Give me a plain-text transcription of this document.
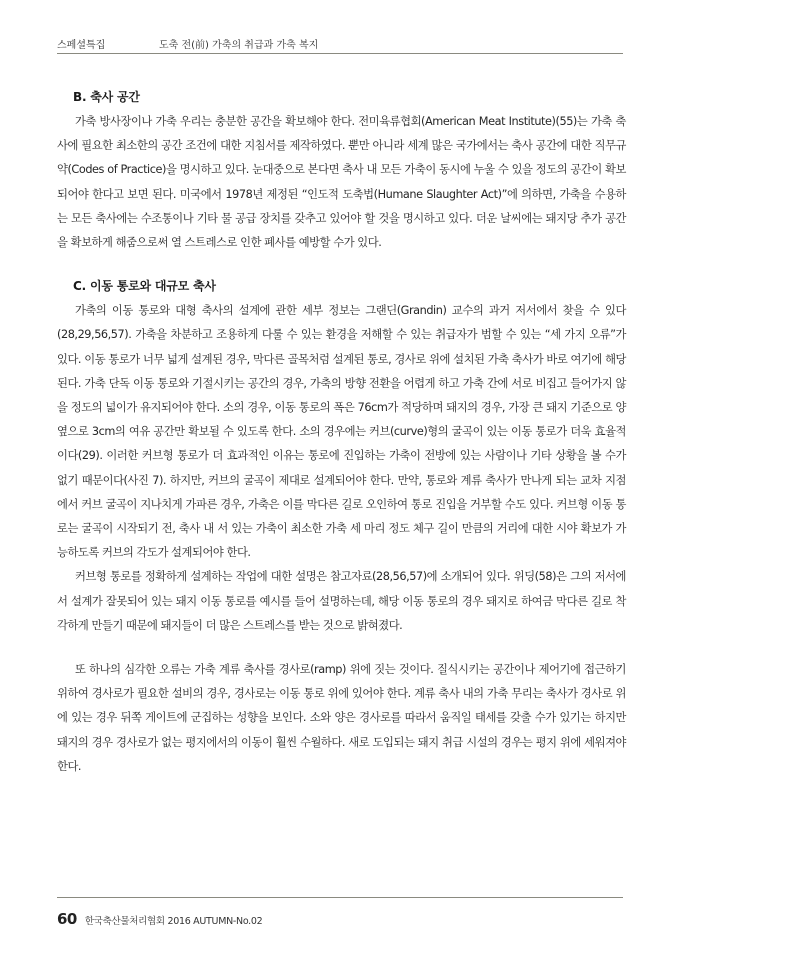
스페셜특집	도축 전(前) 가축의 취급과 가축 복지
B. 축사 공간

가축 방사장이나 가축 우리는 충분한 공간을 확보해야 한다. 전미육류협회(American Meat Institute)(55)는 가축 축사에 필요한 최소한의 공간 조건에 대한 지침서를 제작하였다. 뿐만 아니라 세계 많은 국가에서는 축사 공간에 대한 직무규약(Codes of Practice)을 명시하고 있다. 눈대중으로 본다면 축사 내 모든 가축이 동시에 누울 수 있을 정도의 공간이 확보되어야 한다고 보면 된다. 미국에서 1978년 제정된 “인도적 도축법(Humane Slaughter Act)”에 의하면, 가축을 수용하는 모든 축사에는 수조통이나 기타 물 공급 장치를 갖추고 있어야 할 것을 명시하고 있다. 더운 날씨에는 돼지당 추가 공간을 확보하게 해줌으로써 열 스트레스로 인한 폐사를 예방할 수가 있다.

C. 이동 통로와 대규모 축사

가축의 이동 통로와 대형 축사의 설계에 관한 세부 정보는 그랜딘(Grandin) 교수의 과거 저서에서 찾을 수 있다(28,29,56,57). 가축을 차분하고 조용하게 다룰 수 있는 환경을 저해할 수 있는 취급자가 범할 수 있는 “세 가지 오류”가 있다. 이동 통로가 너무 넓게 설계된 경우, 막다른 골목처럼 설계된 통로, 경사로 위에 설치된 가축 축사가 바로 여기에 해당된다. 가축 단독 이동 통로와 기절시키는 공간의 경우, 가축의 방향 전환을 어렵게 하고 가축 간에 서로 비집고 들어가지 않을 정도의 넓이가 유지되어야 한다. 소의 경우, 이동 통로의 폭은 76cm가 적당하며 돼지의 경우, 가장 큰 돼지 기준으로 양 옆으로 3cm의 여유 공간만 확보될 수 있도록 한다. 소의 경우에는 커브(curve)형의 굴곡이 있는 이동 통로가 더욱 효율적이다(29). 이러한 커브형 통로가 더 효과적인 이유는 통로에 진입하는 가축이 전방에 있는 사람이나 기타 상황을 볼 수가 없기 때문이다(사진 7). 하지만, 커브의 굴곡이 제대로 설계되어야 한다. 만약, 통로와 계류 축사가 만나게 되는 교차 지점에서 커브 굴곡이 지나치게 가파른 경우, 가축은 이를 막다른 길로 오인하여 통로 진입을 거부할 수도 있다. 커브형 이동 통로는 굴곡이 시작되기 전, 축사 내 서 있는 가축이 최소한 가축 세 마리 정도 체구 길이 만큼의 거리에 대한 시야 확보가 가능하도록 커브의 각도가 설계되어야 한다.

커브형 통로를 정확하게 설계하는 작업에 대한 설명은 참고자료(28,56,57)에 소개되어 있다. 위딩(58)은 그의 저서에서 설계가 잘못되어 있는 돼지 이동 통로를 예시를 들어 설명하는데, 해당 이동 통로의 경우 돼지로 하여금 막다른 길로 착각하게 만들기 때문에 돼지들이 더 많은 스트레스를 받는 것으로 밝혀졌다.

또 하나의 심각한 오류는 가축 계류 축사를 경사로(ramp) 위에 짓는 것이다. 질식시키는 공간이나 제어기에 접근하기 위하여 경사로가 필요한 설비의 경우, 경사로는 이동 통로 위에 있어야 한다. 계류 축사 내의 가축 무리는 축사가 경사로 위에 있는 경우 뒤쪽 게이트에 군집하는 성향을 보인다. 소와 양은 경사로를 따라서 움직일 태세를 갖출 수가 있기는 하지만 돼지의 경우 경사로가 없는 평지에서의 이동이 훨씬 수월하다. 새로 도입되는 돼지 취급 시설의 경우는 평지 위에 세워져야 한다.

60 한국축산물처리협회 2016 AUTUMN-No.02
